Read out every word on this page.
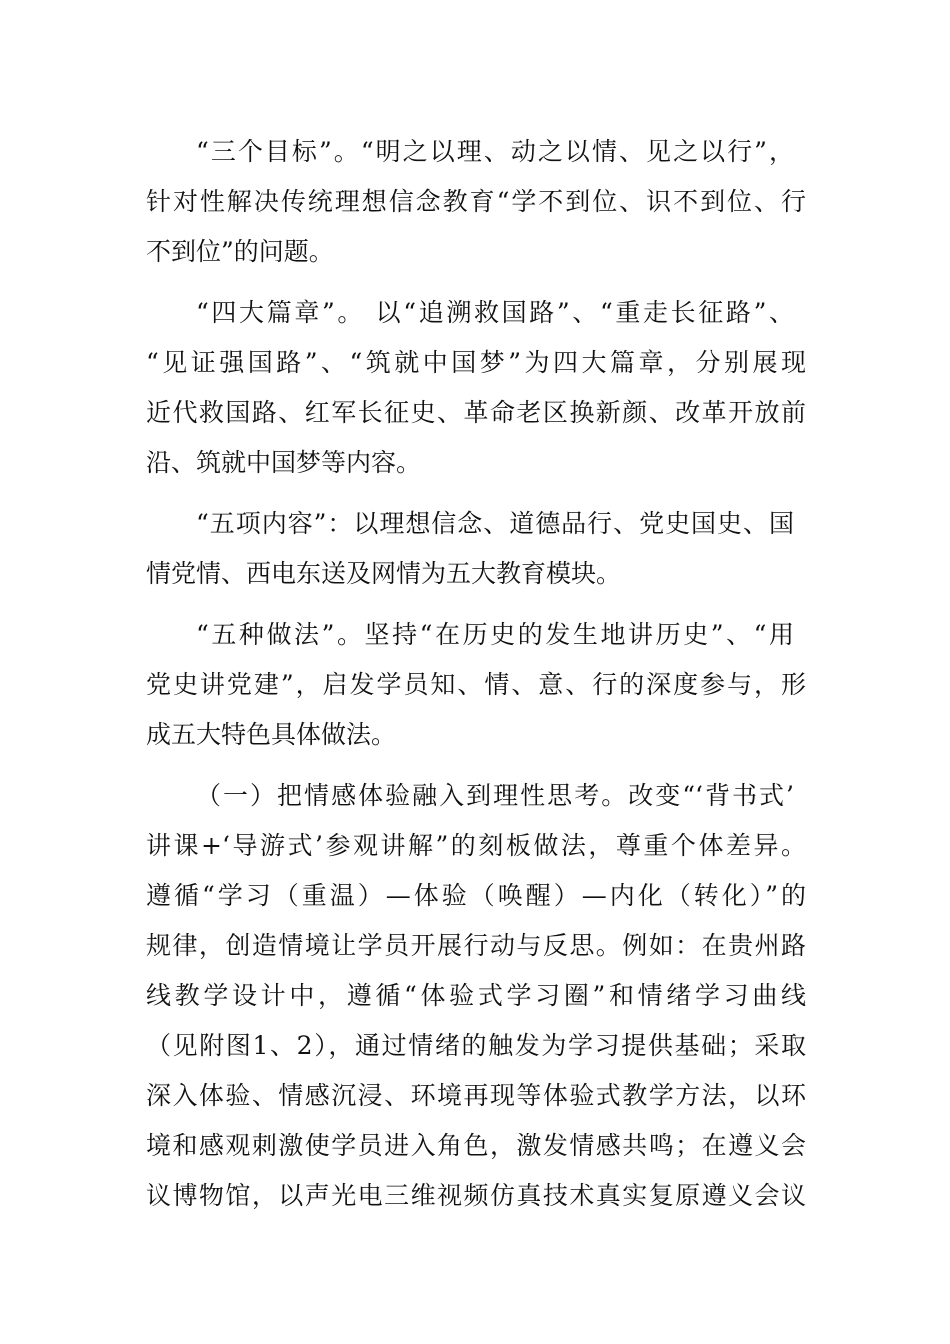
“三个目标”。“明之以理、动之以情、见之以行”，
针对性解决传统理想信念教育“学不到位、识不到位、行
不到位”的问题。
“四大篇章”。 以“追溯救国路”、“重走长征路”、
“见证强国路”、“筑就中国梦”为四大篇章，分别展现
近代救国路、红军长征史、革命老区换新颜、改革开放前
沿、筑就中国梦等内容。
“五项内容”：以理想信念、道德品行、党史国史、国
情党情、西电东送及网情为五大教育模块。
“五种做法”。坚持“在历史的发生地讲历史”、“用
党史讲党建”，启发学员知、情、意、行的深度参与，形
成五大特色具体做法。
（一）把情感体验融入到理性思考。改变“‘背书式’
讲课+‘导游式’参观讲解”的刻板做法，尊重个体差异。
遵循“学习（重温）—体验（唤醒）—内化（转化）”的
规律，创造情境让学员开展行动与反思。例如：在贵州路
线教学设计中，遵循“体验式学习圈”和情绪学习曲线
（见附图1、2），通过情绪的触发为学习提供基础；采取
深入体验、情感沉浸、环境再现等体验式教学方法，以环
境和感观刺激使学员进入角色，激发情感共鸣；在遵义会
议博物馆，以声光电三维视频仿真技术真实复原遵义会议
